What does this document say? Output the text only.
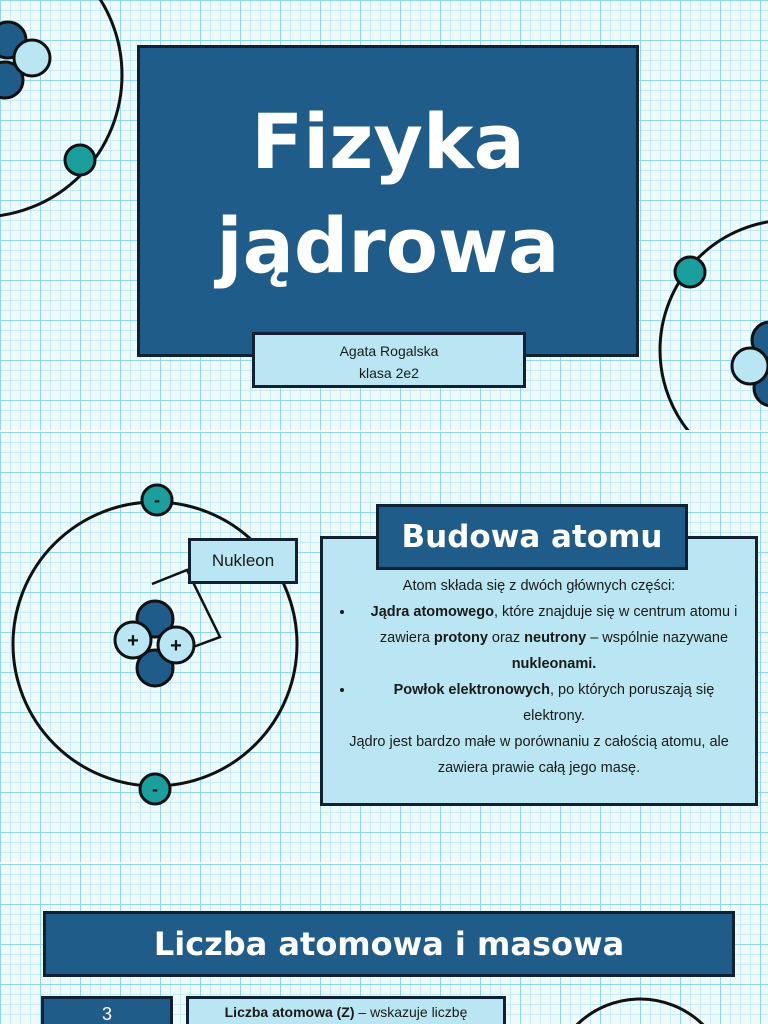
Fizyka
jądrowa
Agata Rogalska
klasa 2e2
-
-
+ +
Nukleon

Atom składa się z dwóch głównych części:

• Jądra atomowego, które znajduje się w centrum atomu i zawiera protony oraz neutrony – wspólnie nazywane nukleonami.
• Powłok elektronowych, po których poruszają się elektrony.

Jądro jest bardzo małe w porównaniu z całością atomu, ale zawiera prawie całą jego masę.

Budowa atomu
Liczba atomowa i masowa
3	Liczba atomowa (Z) – wskazuje liczbę
